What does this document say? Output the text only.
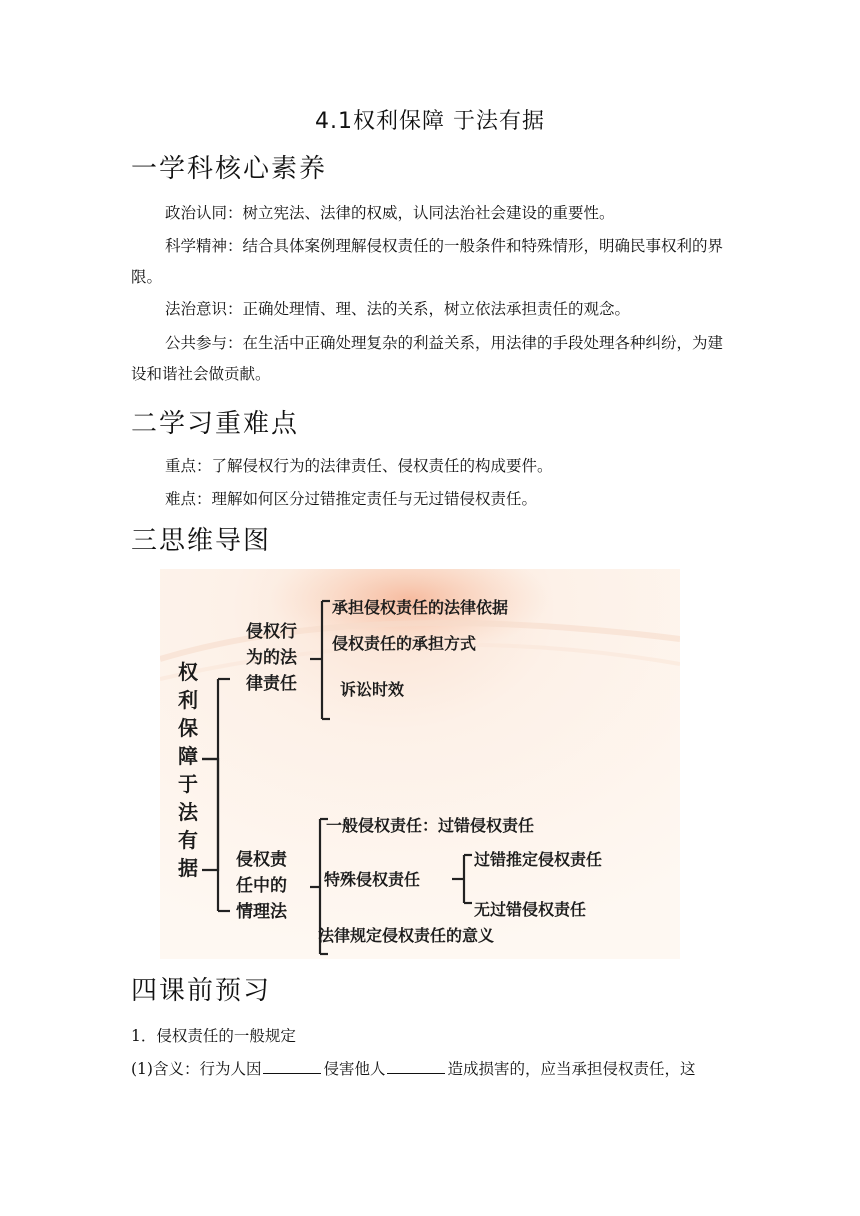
4.1权利保障 于法有据
一学科核心素养
政治认同：树立宪法、法律的权威，认同法治社会建设的重要性。
科学精神：结合具体案例理解侵权责任的一般条件和特殊情形，明确民事权利的界限。
法治意识：正确处理情、理、法的关系，树立依法承担责任的观念。
公共参与：在生活中正确处理复杂的利益关系，用法律的手段处理各种纠纷，为建设和谐社会做贡献。
二学习重难点
重点：了解侵权行为的法律责任、侵权责任的构成要件。
难点：理解如何区分过错推定责任与无过错侵权责任。
三思维导图
权
利
保
障
于
法
有
据
侵权行
为的法
律责任
承担侵权责任的法律依据
侵权责任的承担方式
诉讼时效
侵权责
任中的
情理法
一般侵权责任：过错侵权责任
特殊侵权责任
过错推定侵权责任
无过错侵权责任
法律规定侵权责任的意义
四课前预习
1．侵权责任的一般规定
(1)含义：行为人因	侵害他人	造成损害的，应当承担侵权责任，这
